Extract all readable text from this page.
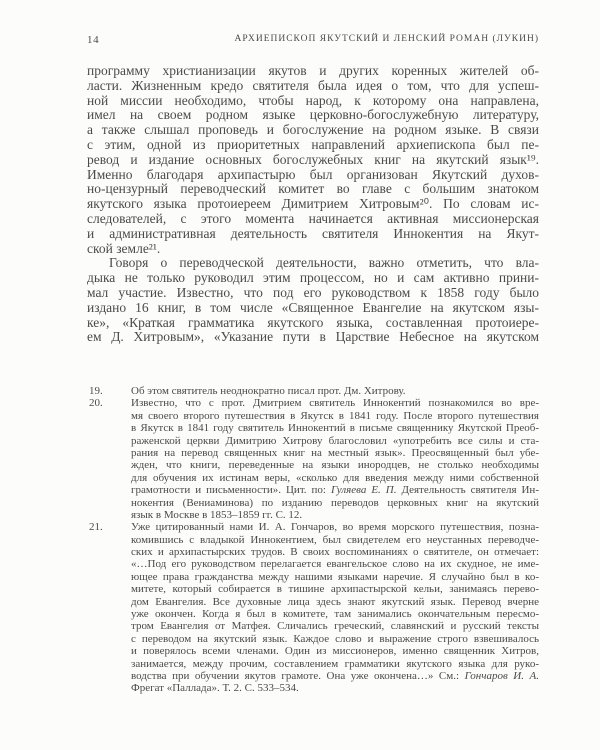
14	АРХИЕПИСКОП ЯКУТСКИЙ И ЛЕНСКИЙ РОМАН (ЛУКИН)
программу христианизации якутов и других коренных жителей об-
ласти. Жизненным кредо святителя была идея о том, что для успеш-
ной миссии необходимо, чтобы народ, к которому она направлена,
имел на своем родном языке церковно-богослужебную литературу,
а также слышал проповедь и богослужение на родном языке. В связи
с этим, одной из приоритетных направлений архиепископа был пе-
ревод и издание основных богослужебных книг на якутский язык¹⁹.
Именно благодаря архипастырю был организован Якутский духов-
но-цензурный переводческий комитет во главе с большим знатоком
якутского языка протоиереем Димитрием Хитровым²⁰. По словам ис-
следователей, с этого момента начинается активная миссионерская
и административная деятельность святителя Иннокентия на Якут-
ской земле²¹.
Говоря о переводческой деятельности, важно отметить, что вла-
дыка не только руководил этим процессом, но и сам активно прини-
мал участие. Известно, что под его руководством к 1858 году было
издано 16 книг, в том числе «Священное Евангелие на якутском язы-
ке», «Краткая грамматика якутского языка, составленная протоиере-
ем Д. Хитровым», «Указание пути в Царствие Небесное на якутском
19.	Об этом святитель неоднократно писал прот. Дм. Хитрову.
20.	Известно, что с прот. Дмитрием святитель Иннокентий познакомился во вре-
мя своего второго путешествия в Якутск в 1841 году. После второго путешествия
в Якутск в 1841 году святитель Иннокентий в письме священнику Якутской Преоб-
раженской церкви Димитрию Хитрову благословил «употребить все силы и ста-
рания на перевод священных книг на местный язык». Преосвященный был убе-
жден, что книги, переведенные на языки инородцев, не столько необходимы
для обучения их истинам веры, «сколько для введения между ними собственной
грамотности и письменности». Цит. по: Гуляева Е. П. Деятельность святителя Ин-
нокентия (Вениаминова) по изданию переводов церковных книг на якутский
язык в Москве в 1853–1859 гг. С. 12.
21.	Уже цитированный нами И. А. Гончаров, во время морского путешествия, позна-
комившись с владыкой Иннокентием, был свидетелем его неустанных переводче-
ских и архипастырских трудов. В своих воспоминаниях о святителе, он отмечает:
«…Под его руководством перелагается евангельское слово на их скудное, не име-
ющее права гражданства между нашими языками наречие. Я случайно был в ко-
митете, который собирается в тишине архипастырской кельи, занимаясь перево-
дом Евангелия. Все духовные лица здесь знают якутский язык. Перевод вчерне
уже окончен. Когда я был в комитете, там занимались окончательным пересмо-
тром Евангелия от Матфея. Сличались греческий, славянский и русский тексты
с переводом на якутский язык. Каждое слово и выражение строго взвешивалось
и поверялось всеми членами. Один из миссионеров, именно священник Хитров,
занимается, между прочим, составлением грамматики якутского языка для руко-
водства при обучении якутов грамоте. Она уже окончена…» См.: Гончаров И. А.
Фрегат «Паллада». Т. 2. С. 533–534.
